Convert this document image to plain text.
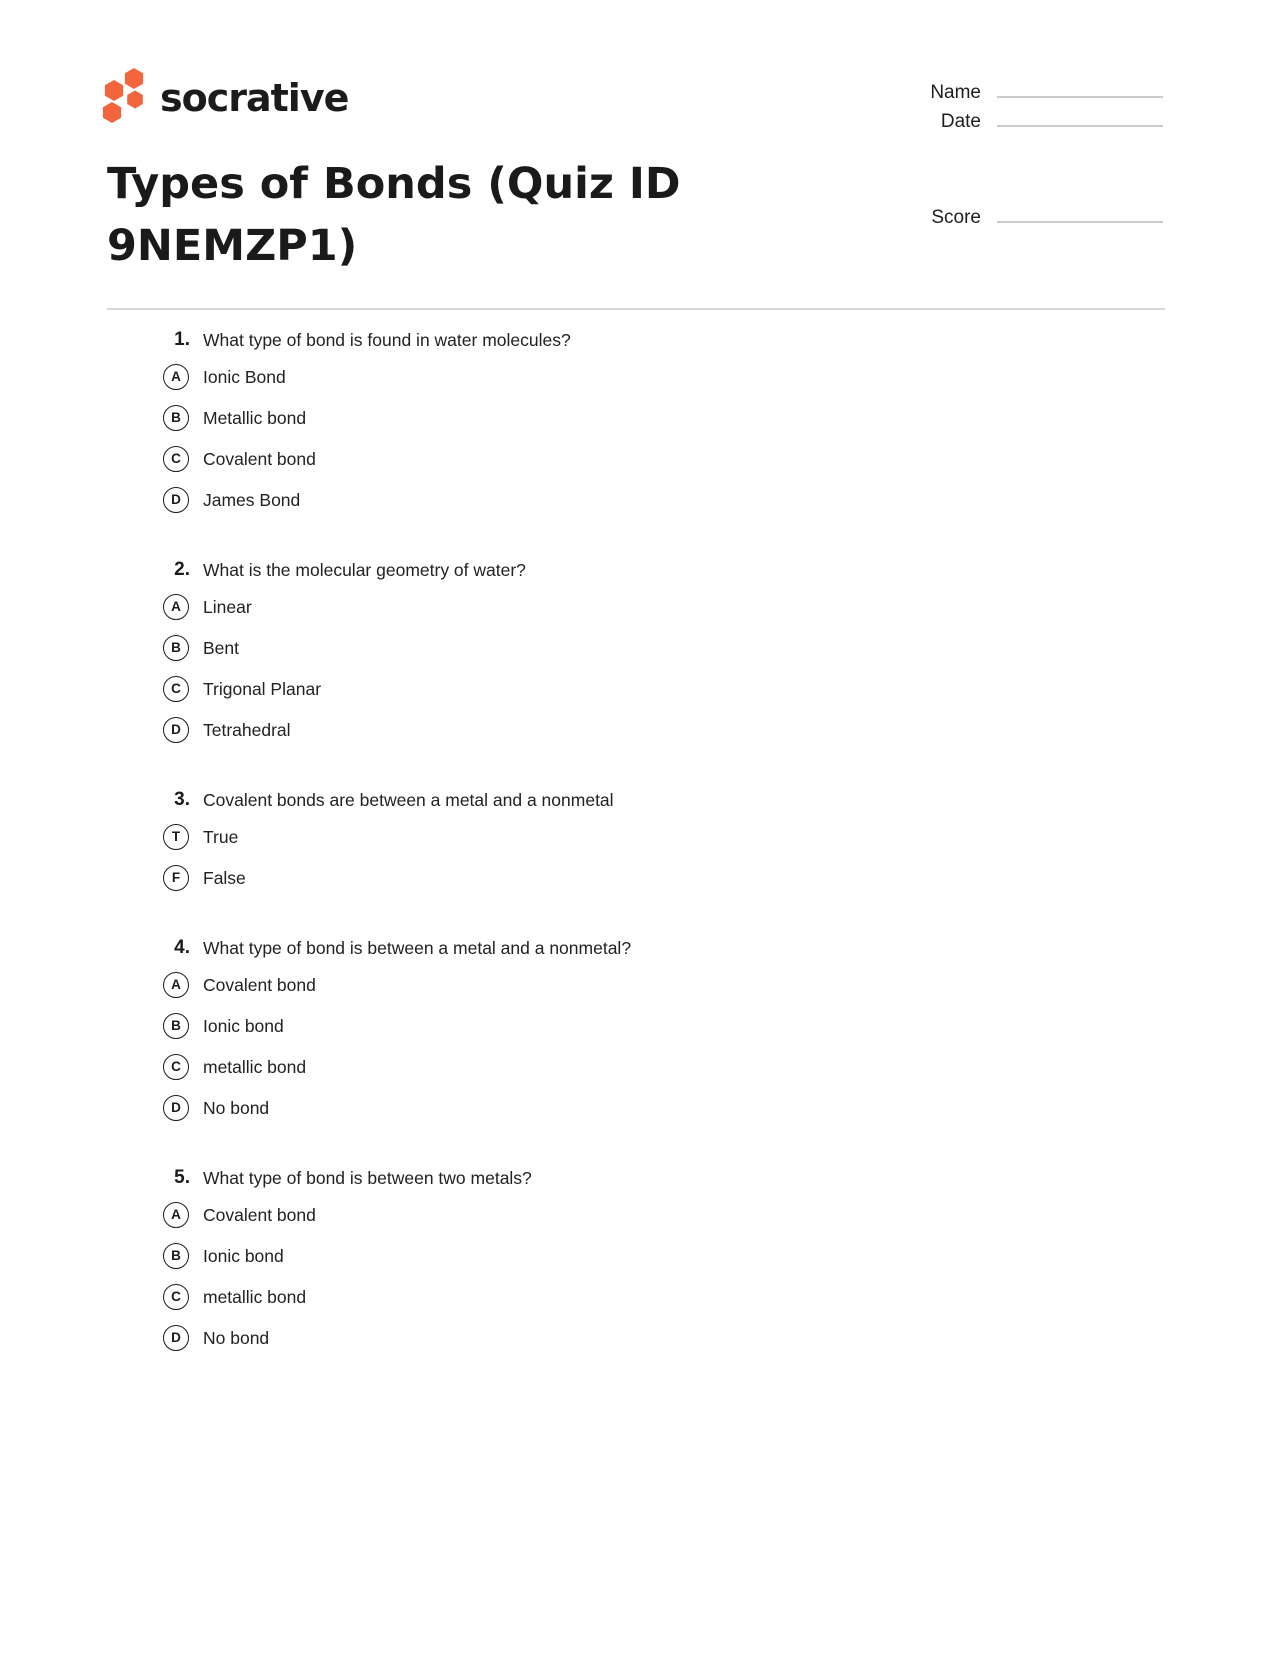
socrative	Name
Date
Types of Bonds (Quiz ID 9NEMZP1)
Score
1. What type of bond is found in water molecules?
A	Ionic Bond
B	Metallic bond
C	Covalent bond
D	James Bond
2. What is the molecular geometry of water?
A	Linear
B	Bent
C	Trigonal Planar
D	Tetrahedral
3. Covalent bonds are between a metal and a nonmetal
T	True
F	False
4. What type of bond is between a metal and a nonmetal?
A	Covalent bond
B	Ionic bond
C	metallic bond
D	No bond
5. What type of bond is between two metals?
A	Covalent bond
B	Ionic bond
C	metallic bond
D	No bond
